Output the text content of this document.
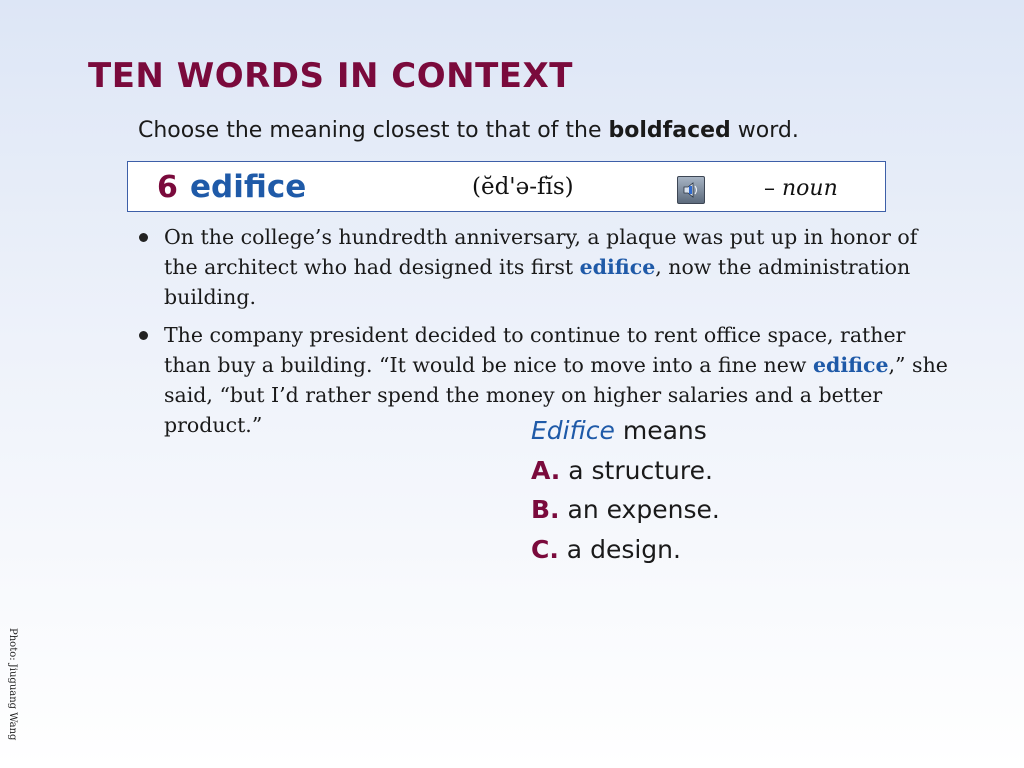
TEN WORDS IN CONTEXT
Choose the meaning closest to that of the boldfaced word.
6 edifice	(ĕd'ə-fĭs)	– noun
On the college’s hundredth anniversary, a plaque was put up in honor of the architect who had designed its first edifice, now the administration building.
The company president decided to continue to rent office space, rather than buy a building. “It would be nice to move into a fine new edifice,” she said, “but I’d rather spend the money on higher salaries and a better product.”	Edifice means
A. a structure.
B. an expense.
C. a design.
Photo: Jiuguang Wang
